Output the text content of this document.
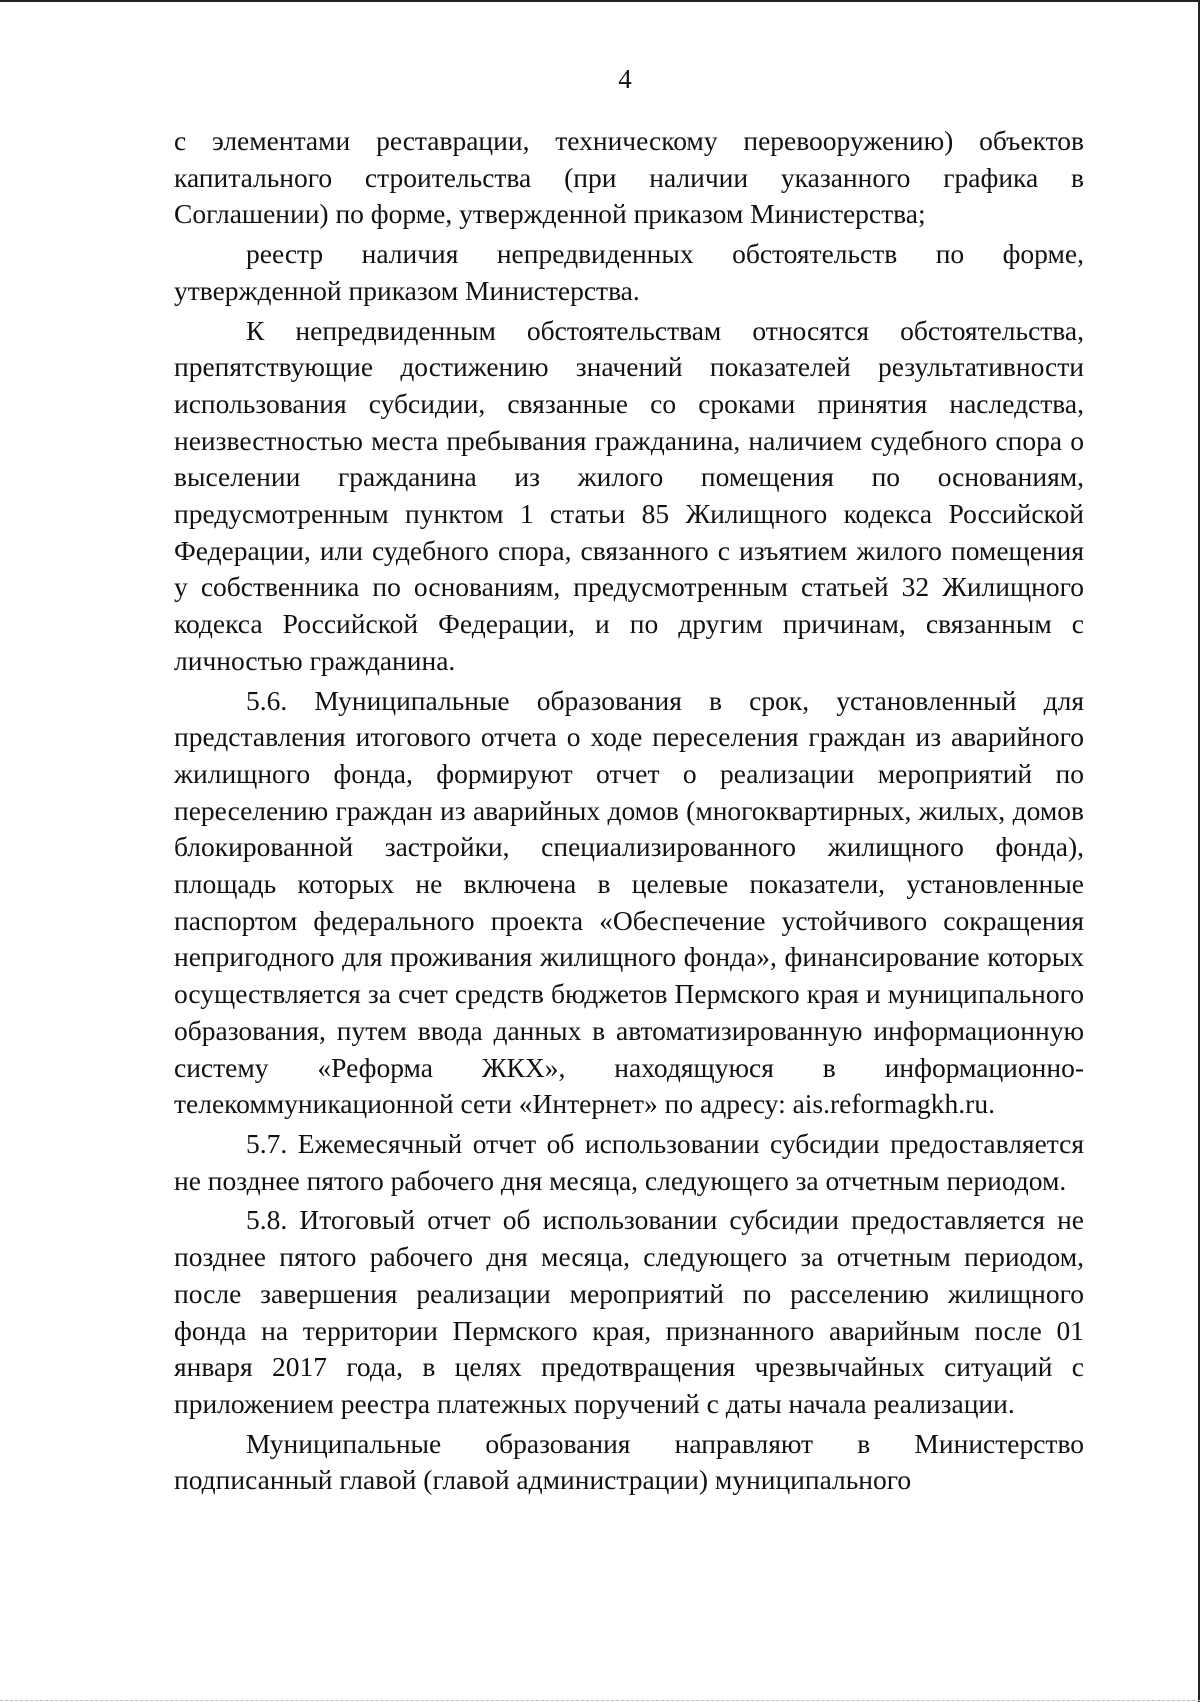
4

с элементами реставрации, техническому перевооружению) объектов капитального строительства (при наличии указанного графика в Соглашении) по форме, утвержденной приказом Министерства;

реестр наличия непредвиденных обстоятельств по форме, утвержденной приказом Министерства.

К непредвиденным обстоятельствам относятся обстоятельства, препятствующие достижению значений показателей результативности использования субсидии, связанные со сроками принятия наследства, неизвестностью места пребывания гражданина, наличием судебного спора о выселении гражданина из жилого помещения по основаниям, предусмотренным пунктом 1 статьи 85 Жилищного кодекса Российской Федерации, или судебного спора, связанного с изъятием жилого помещения у собственника по основаниям, предусмотренным статьей 32 Жилищного кодекса Российской Федерации, и по другим причинам, связанным с личностью гражданина.

5.6. Муниципальные образования в срок, установленный для представления итогового отчета о ходе переселения граждан из аварийного жилищного фонда, формируют отчет о реализации мероприятий по переселению граждан из аварийных домов (многоквартирных, жилых, домов блокированной застройки, специализированного жилищного фонда), площадь которых не включена в целевые показатели, установленные паспортом федерального проекта «Обеспечение устойчивого сокращения непригодного для проживания жилищного фонда», финансирование которых осуществляется за счет средств бюджетов Пермского края и муниципального образования, путем ввода данных в автоматизированную информационную систему «Реформа ЖКХ», находящуюся в информационно-телекоммуникационной сети «Интернет» по адресу: ais.reformagkh.ru.

5.7. Ежемесячный отчет об использовании субсидии предоставляется не позднее пятого рабочего дня месяца, следующего за отчетным периодом.

5.8. Итоговый отчет об использовании субсидии предоставляется не позднее пятого рабочего дня месяца, следующего за отчетным периодом, после завершения реализации мероприятий по расселению жилищного фонда на территории Пермского края, признанного аварийным после 01 января 2017 года, в целях предотвращения чрезвычайных ситуаций с приложением реестра платежных поручений с даты начала реализации.

Муниципальные образования направляют в Министерство подписанный главой (главой администрации) муниципального
